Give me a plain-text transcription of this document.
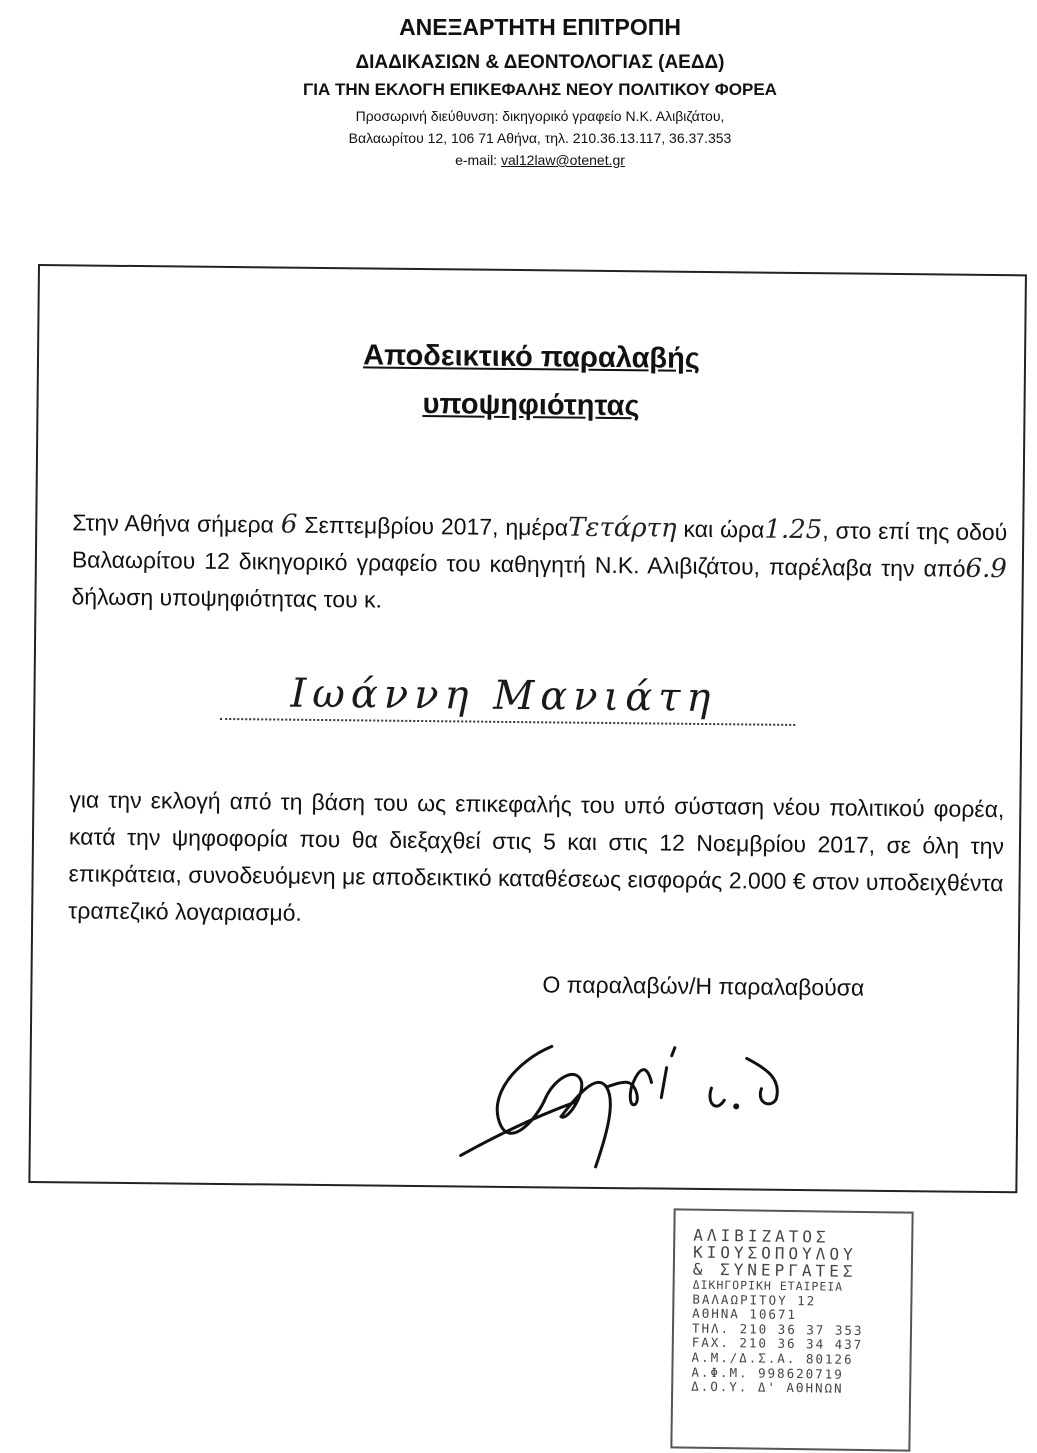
ΑΝΕΞΑΡΤΗΤΗ ΕΠΙΤΡΟΠΗ
ΔΙΑΔΙΚΑΣΙΩΝ & ΔΕΟΝΤΟΛΟΓΙΑΣ (ΑΕΔΔ)
ΓΙΑ ΤΗΝ ΕΚΛΟΓΗ ΕΠΙΚΕΦΑΛΗΣ ΝΕΟΥ ΠΟΛΙΤΙΚΟΥ ΦΟΡΕΑ
Προσωρινή διεύθυνση: δικηγορικό γραφείο Ν.Κ. Αλιβιζάτου,
Βαλαωρίτου 12, 106 71 Αθήνα, τηλ. 210.36.13.117, 36.37.353
e-mail: val12law@otenet.gr
Αποδεικτικό παραλαβής
υποψηφιότητας
Στην Αθήνα σήμερα 6 Σεπτεμβρίου 2017, ημέραΤετάρτη και ώρα1.25, στο επί της οδού Βαλαωρίτου 12 δικηγορικό γραφείο του καθηγητή Ν.Κ. Αλιβιζάτου, παρέλαβα την από6.9 δήλωση υποψηφιότητας του κ.
Ιωάννη Μανιάτη
για την εκλογή από τη βάση του ως επικεφαλής του υπό σύσταση νέου πολιτικού φορέα, κατά την ψηφοφορία που θα διεξαχθεί στις 5 και στις 12 Νοεμβρίου 2017, σε όλη την επικράτεια, συνοδευόμενη με αποδεικτικό καταθέσεως εισφοράς 2.000 € στον υποδειχθέντα τραπεζικό λογαριασμό.
Ο παραλαβών/Η παραλαβούσα
ΑΛΙΒΙΖΑΤΟΣ
ΚΙΟΥΣΟΠΟΥΛΟΥ
& ΣΥΝΕΡΓΑΤΕΣ
ΔΙΚΗΓΟΡΙΚΗ ΕΤΑΙΡΕΙΑ
ΒΑΛΑΩΡΙΤΟΥ 12
ΑΘΗΝΑ 10671
ΤΗΛ. 210 36 37 353
FAX. 210 36 34 437
Α.Μ./Δ.Σ.Α. 80126
Α.Φ.Μ. 998620719
Δ.Ο.Υ. Δ' ΑΘΗΝΩΝ
